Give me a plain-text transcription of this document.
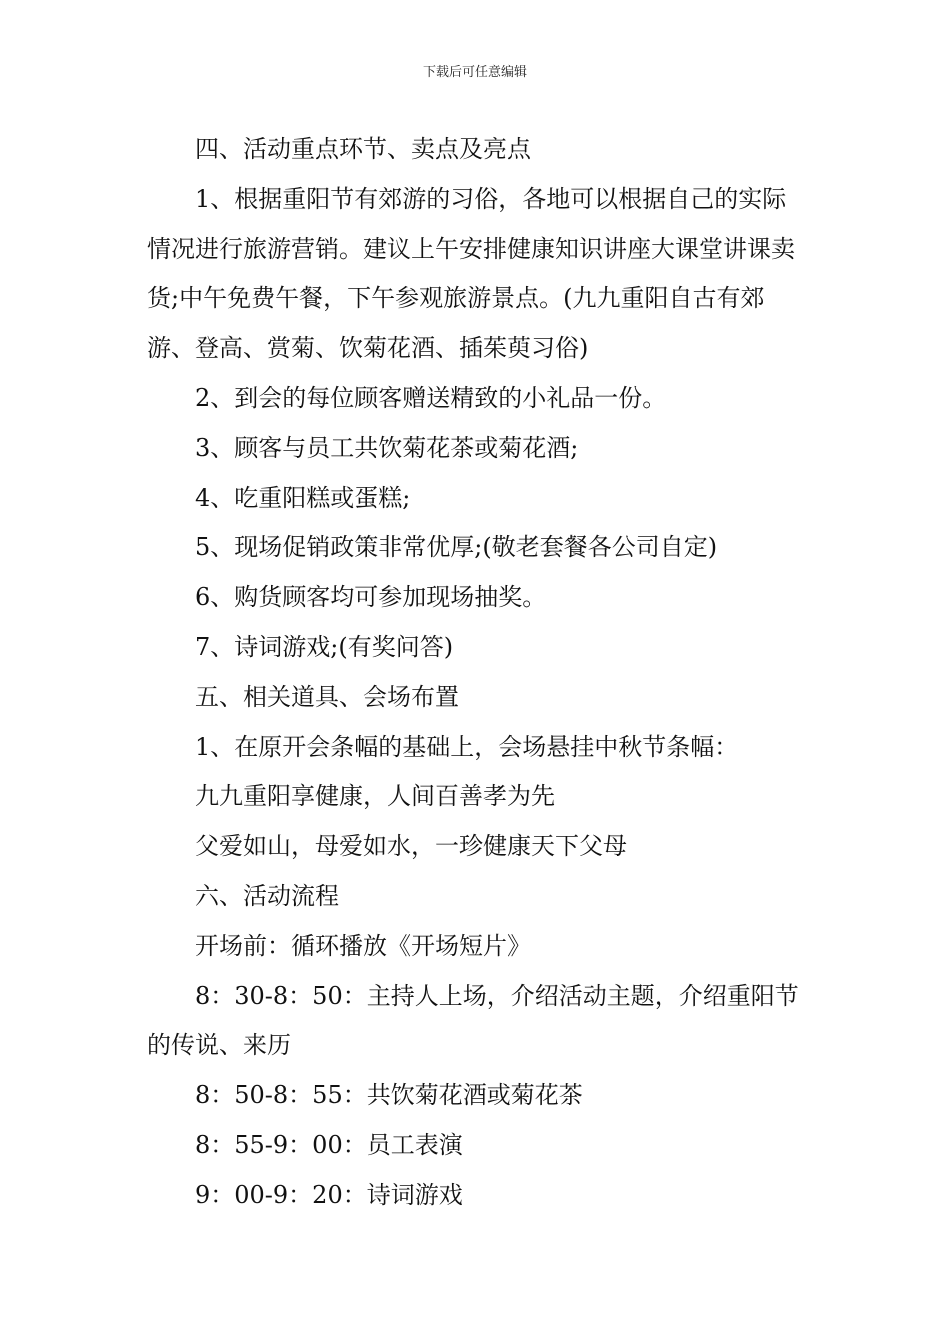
下载后可任意编辑

四、活动重点环节、卖点及亮点

1、根据重阳节有郊游的习俗，各地可以根据自己的实际情况进行旅游营销。建议上午安排健康知识讲座大课堂讲课卖货;中午免费午餐，下午参观旅游景点。(九九重阳自古有郊游、登高、赏菊、饮菊花酒、插茱萸习俗)

2、到会的每位顾客赠送精致的小礼品一份。

3、顾客与员工共饮菊花茶或菊花酒;

4、吃重阳糕或蛋糕;

5、现场促销政策非常优厚;(敬老套餐各公司自定)

6、购货顾客均可参加现场抽奖。

7、诗词游戏;(有奖问答)

五、相关道具、会场布置

1、在原开会条幅的基础上，会场悬挂中秋节条幅：

九九重阳享健康，人间百善孝为先

父爱如山，母爱如水，一珍健康天下父母

六、活动流程

开场前：循环播放《开场短片》

8：30-8：50：主持人上场，介绍活动主题，介绍重阳节的传说、来历

8：50-8：55：共饮菊花酒或菊花茶

8：55-9：00：员工表演

9：00-9：20：诗词游戏
